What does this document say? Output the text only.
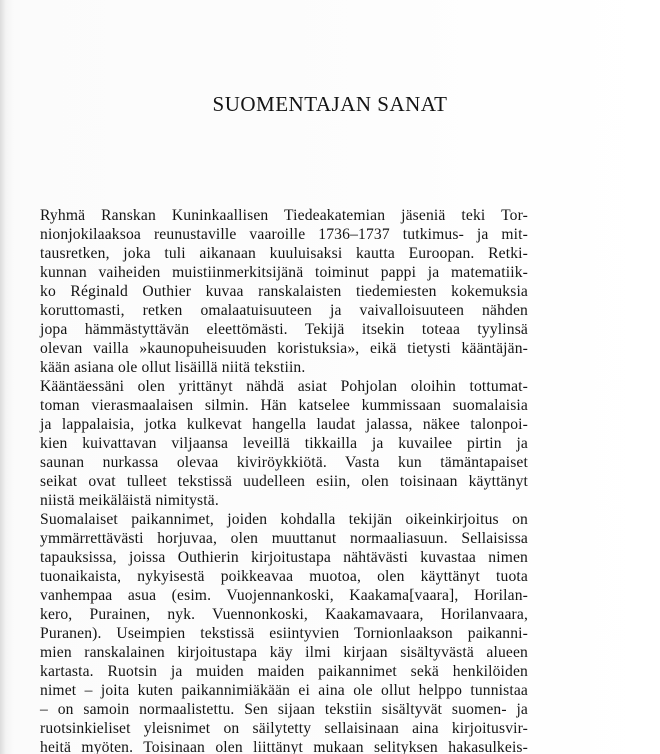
SUOMENTAJAN SANAT

Ryhmä Ranskan Kuninkaallisen Tiedeakatemian jäseniä teki Tor-

nionjokilaaksoa reunustaville vaaroille 1736–1737 tutkimus- ja mit-

tausretken, joka tuli aikanaan kuuluisaksi kautta Euroopan. Retki-

kunnan vaiheiden muistiinmerkitsijänä toiminut pappi ja matematiik-

ko Réginald Outhier kuvaa ranskalaisten tiedemiesten kokemuksia

koruttomasti, retken omalaatuisuuteen ja vaivalloisuuteen nähden

jopa hämmästyttävän eleettömästi. Tekijä itsekin toteaa tyylinsä

olevan vailla »kaunopuheisuuden koristuksia», eikä tietysti kääntäjän-

kään asiana ole ollut lisäillä niitä tekstiin.

Kääntäessäni olen yrittänyt nähdä asiat Pohjolan oloihin tottumat-

toman vierasmaalaisen silmin. Hän katselee kummissaan suomalaisia

ja lappalaisia, jotka kulkevat hangella laudat jalassa, näkee talonpoi-

kien kuivattavan viljaansa leveillä tikkailla ja kuvailee pirtin ja

saunan nurkassa olevaa kiviröykkiötä. Vasta kun tämäntapaiset

seikat ovat tulleet tekstissä uudelleen esiin, olen toisinaan käyttänyt

niistä meikäläistä nimitystä.

Suomalaiset paikannimet, joiden kohdalla tekijän oikeinkirjoitus on

ymmärrettävästi horjuvaa, olen muuttanut normaaliasuun. Sellaisissa

tapauksissa, joissa Outhierin kirjoitustapa nähtävästi kuvastaa nimen

tuonaikaista, nykyisestä poikkeavaa muotoa, olen käyttänyt tuota

vanhempaa asua (esim. Vuojennankoski, Kaakama[vaara], Horilan-

kero, Purainen, nyk. Vuennonkoski, Kaakamavaara, Horilanvaara,

Puranen). Useimpien tekstissä esiintyvien Tornionlaakson paikanni-

mien ranskalainen kirjoitustapa käy ilmi kirjaan sisältyvästä alueen

kartasta. Ruotsin ja muiden maiden paikannimet sekä henkilöiden

nimet – joita kuten paikannimiäkään ei aina ole ollut helppo tunnistaa

– on samoin normaalistettu. Sen sijaan tekstiin sisältyvät suomen- ja

ruotsinkieliset yleisnimet on säilytetty sellaisinaan aina kirjoitusvir-

heitä myöten. Toisinaan olen liittänyt mukaan selityksen hakasulkeis-
